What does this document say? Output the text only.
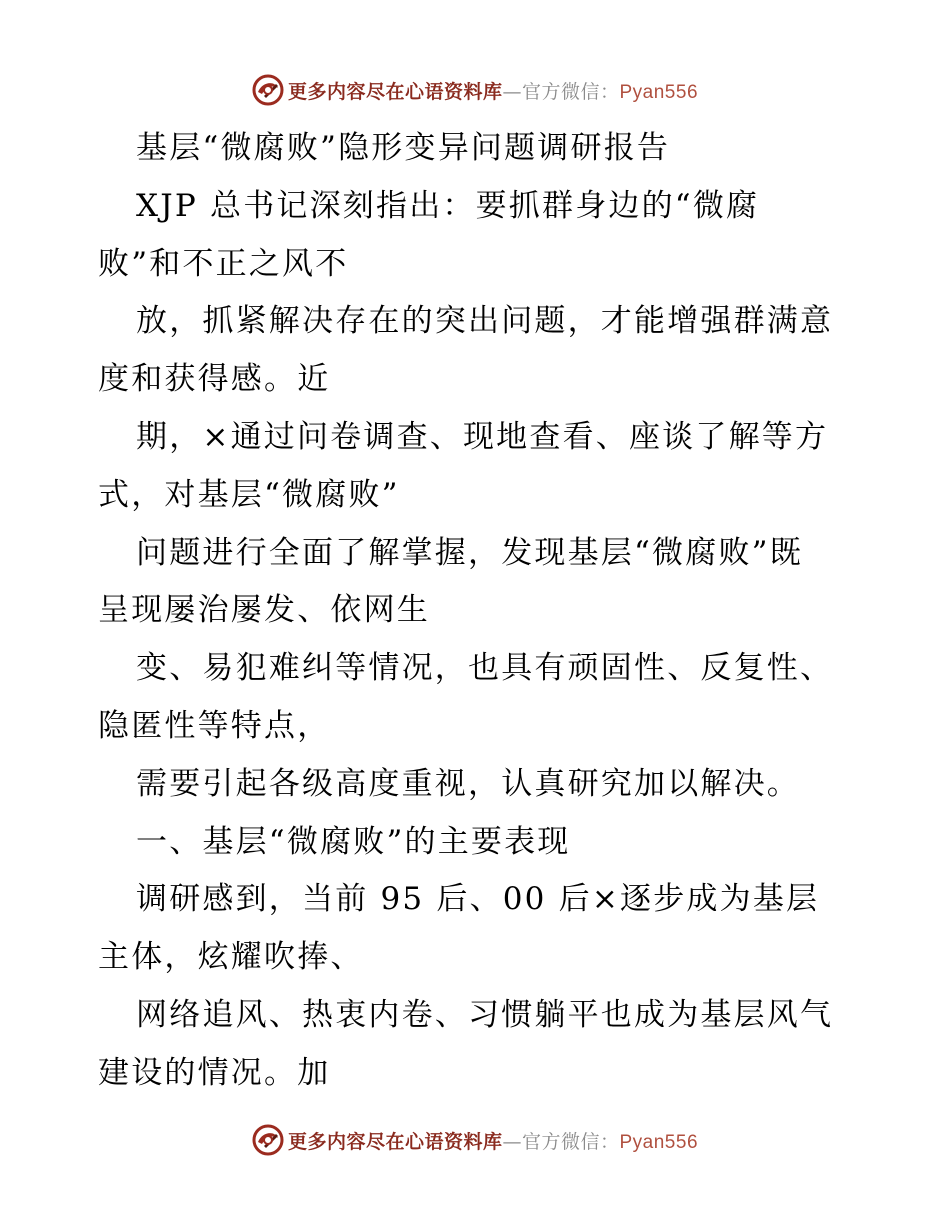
更多内容尽在心语资料库—官方微信：Pyan556
基层“微腐败”隐形变异问题调研报告
XJP 总书记深刻指出：要抓群身边的“微腐
败”和不正之风不
放，抓紧解决存在的突出问题，才能增强群满意
度和获得感。近
期，×通过问卷调查、现地查看、座谈了解等方
式，对基层“微腐败”
问题进行全面了解掌握，发现基层“微腐败”既
呈现屡治屡发、依网生
变、易犯难纠等情况，也具有顽固性、反复性、
隐匿性等特点，
需要引起各级高度重视，认真研究加以解决。
一、基层“微腐败”的主要表现
调研感到，当前 95 后、00 后×逐步成为基层
主体，炫耀吹捧、
网络追风、热衷内卷、习惯躺平也成为基层风气
建设的情况。加
更多内容尽在心语资料库—官方微信：Pyan556
